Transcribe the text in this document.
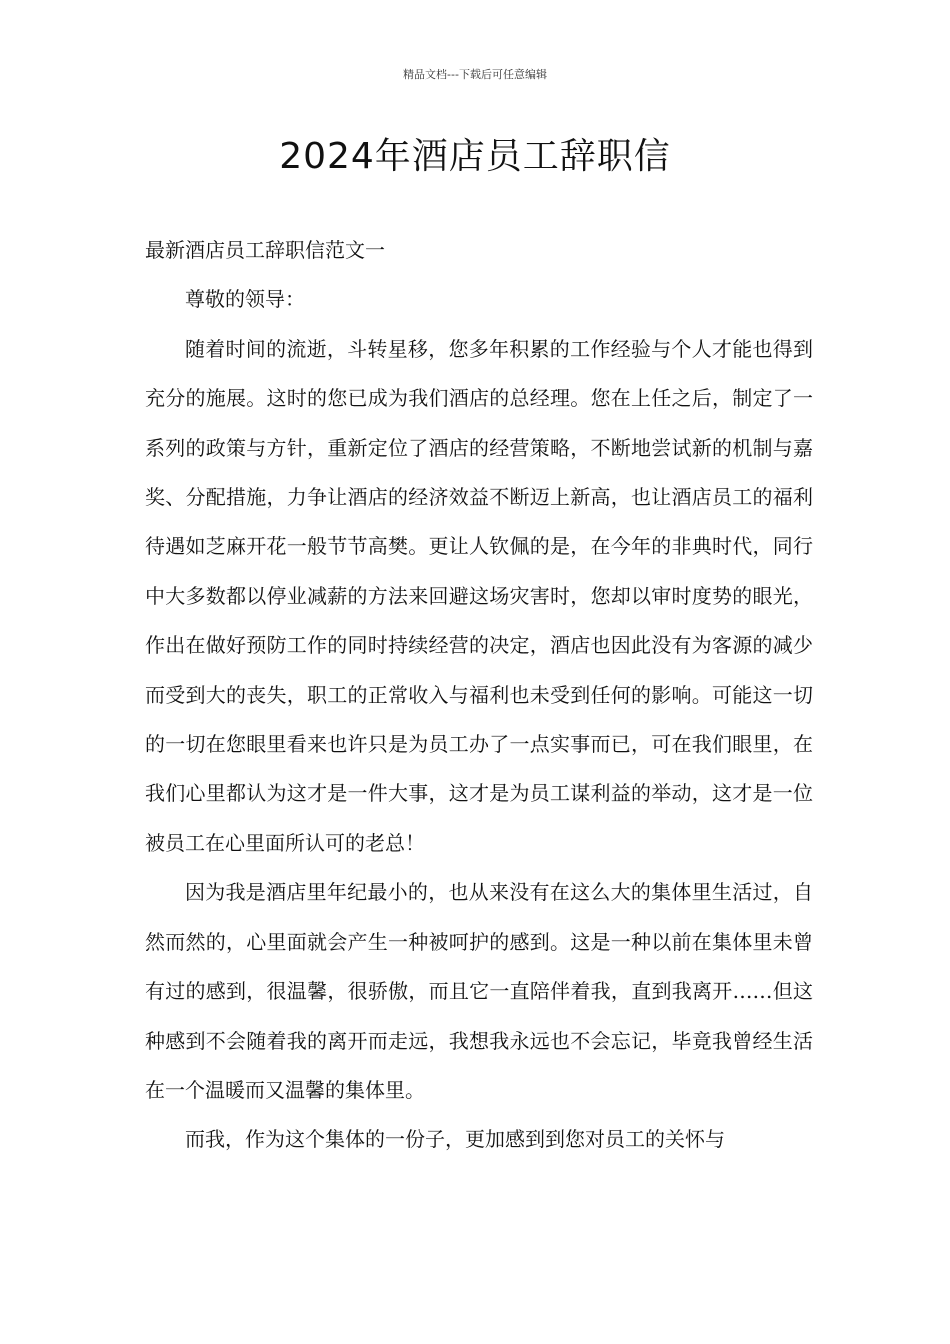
精品文档---下载后可任意编辑
2024年酒店员工辞职信

最新酒店员工辞职信范文一

尊敬的领导：

随着时间的流逝，斗转星移，您多年积累的工作经验与个人才能也得到充分的施展。这时的您已成为我们酒店的总经理。您在上任之后，制定了一系列的政策与方针，重新定位了酒店的经营策略，不断地尝试新的机制与嘉奖、分配措施，力争让酒店的经济效益不断迈上新高，也让酒店员工的福利待遇如芝麻开花一般节节高樊。更让人钦佩的是，在今年的非典时代，同行中大多数都以停业减薪的方法来回避这场灾害时，您却以审时度势的眼光，作出在做好预防工作的同时持续经营的决定，酒店也因此没有为客源的减少而受到大的丧失，职工的正常收入与福利也未受到任何的影响。可能这一切的一切在您眼里看来也许只是为员工办了一点实事而已，可在我们眼里，在我们心里都认为这才是一件大事，这才是为员工谋利益的举动，这才是一位被员工在心里面所认可的老总！

因为我是酒店里年纪最小的，也从来没有在这么大的集体里生活过，自然而然的，心里面就会产生一种被呵护的感到。这是一种以前在集体里未曾有过的感到，很温馨，很骄傲，而且它一直陪伴着我，直到我离开……但这种感到不会随着我的离开而走远，我想我永远也不会忘记，毕竟我曾经生活在一个温暖而又温馨的集体里。

而我，作为这个集体的一份子，更加感到到您对员工的关怀与
